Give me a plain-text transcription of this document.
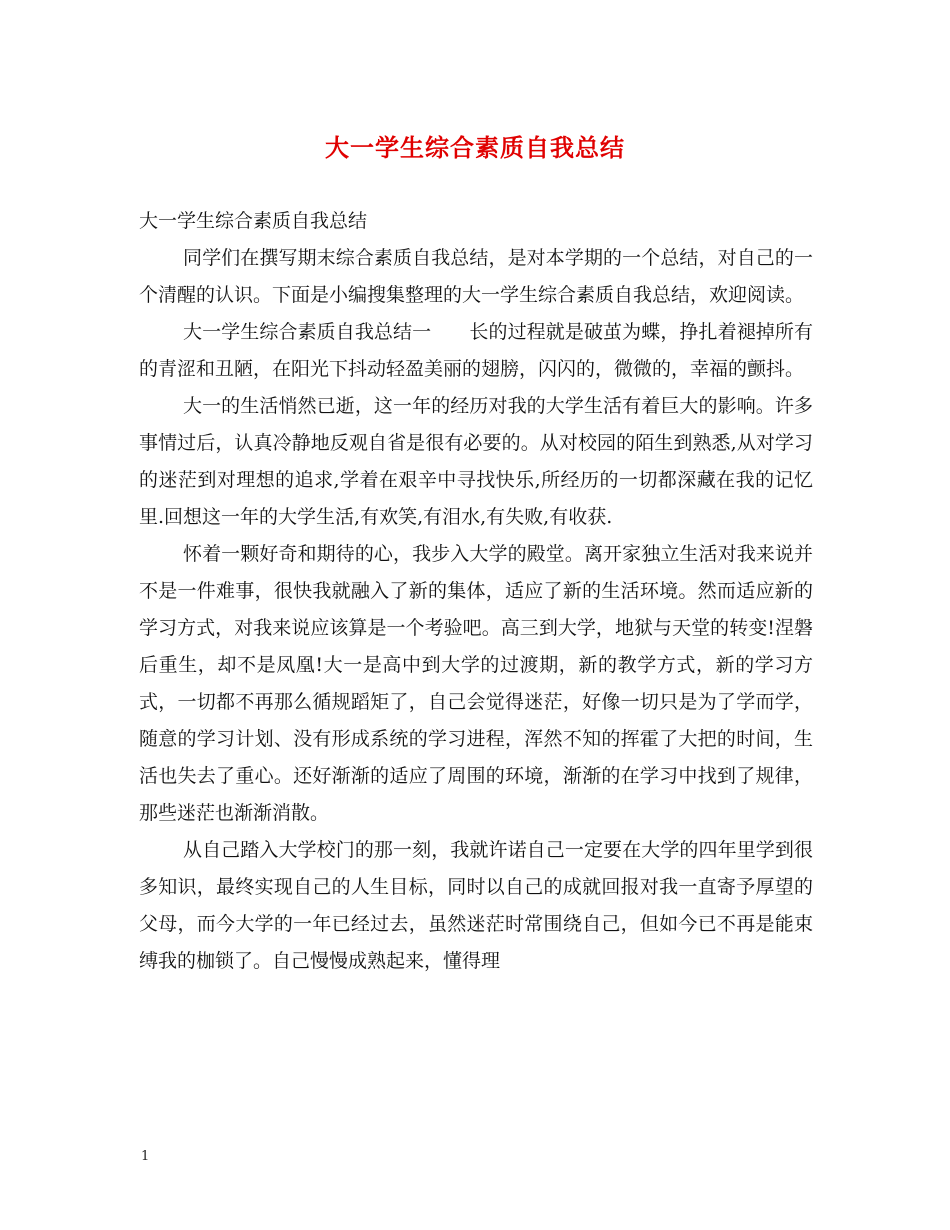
大一学生综合素质自我总结

大一学生综合素质自我总结

同学们在撰写期末综合素质自我总结，是对本学期的一个总结，对自己的一个清醒的认识。下面是小编搜集整理的大一学生综合素质自我总结，欢迎阅读。

大一学生综合素质自我总结一　　长的过程就是破茧为蝶，挣扎着褪掉所有的青涩和丑陋，在阳光下抖动轻盈美丽的翅膀，闪闪的，微微的，幸福的颤抖。

大一的生活悄然已逝，这一年的经历对我的大学生活有着巨大的影响。许多事情过后，认真冷静地反观自省是很有必要的。从对校园的陌生到熟悉,从对学习的迷茫到对理想的追求,学着在艰辛中寻找快乐,所经历的一切都深藏在我的记忆里.回想这一年的大学生活,有欢笑,有泪水,有失败,有收获.

怀着一颗好奇和期待的心，我步入大学的殿堂。离开家独立生活对我来说并不是一件难事，很快我就融入了新的集体，适应了新的生活环境。然而适应新的学习方式，对我来说应该算是一个考验吧。高三到大学，地狱与天堂的转变!涅磐后重生，却不是凤凰!大一是高中到大学的过渡期，新的教学方式，新的学习方式，一切都不再那么循规蹈矩了，自己会觉得迷茫，好像一切只是为了学而学，随意的学习计划、没有形成系统的学习进程，浑然不知的挥霍了大把的时间，生活也失去了重心。还好渐渐的适应了周围的环境，渐渐的在学习中找到了规律，那些迷茫也渐渐消散。

从自己踏入大学校门的那一刻，我就许诺自己一定要在大学的四年里学到很多知识，最终实现自己的人生目标，同时以自己的成就回报对我一直寄予厚望的父母，而今大学的一年已经过去，虽然迷茫时常围绕自己，但如今已不再是能束缚我的枷锁了。自己慢慢成熟起来，懂得理

1
